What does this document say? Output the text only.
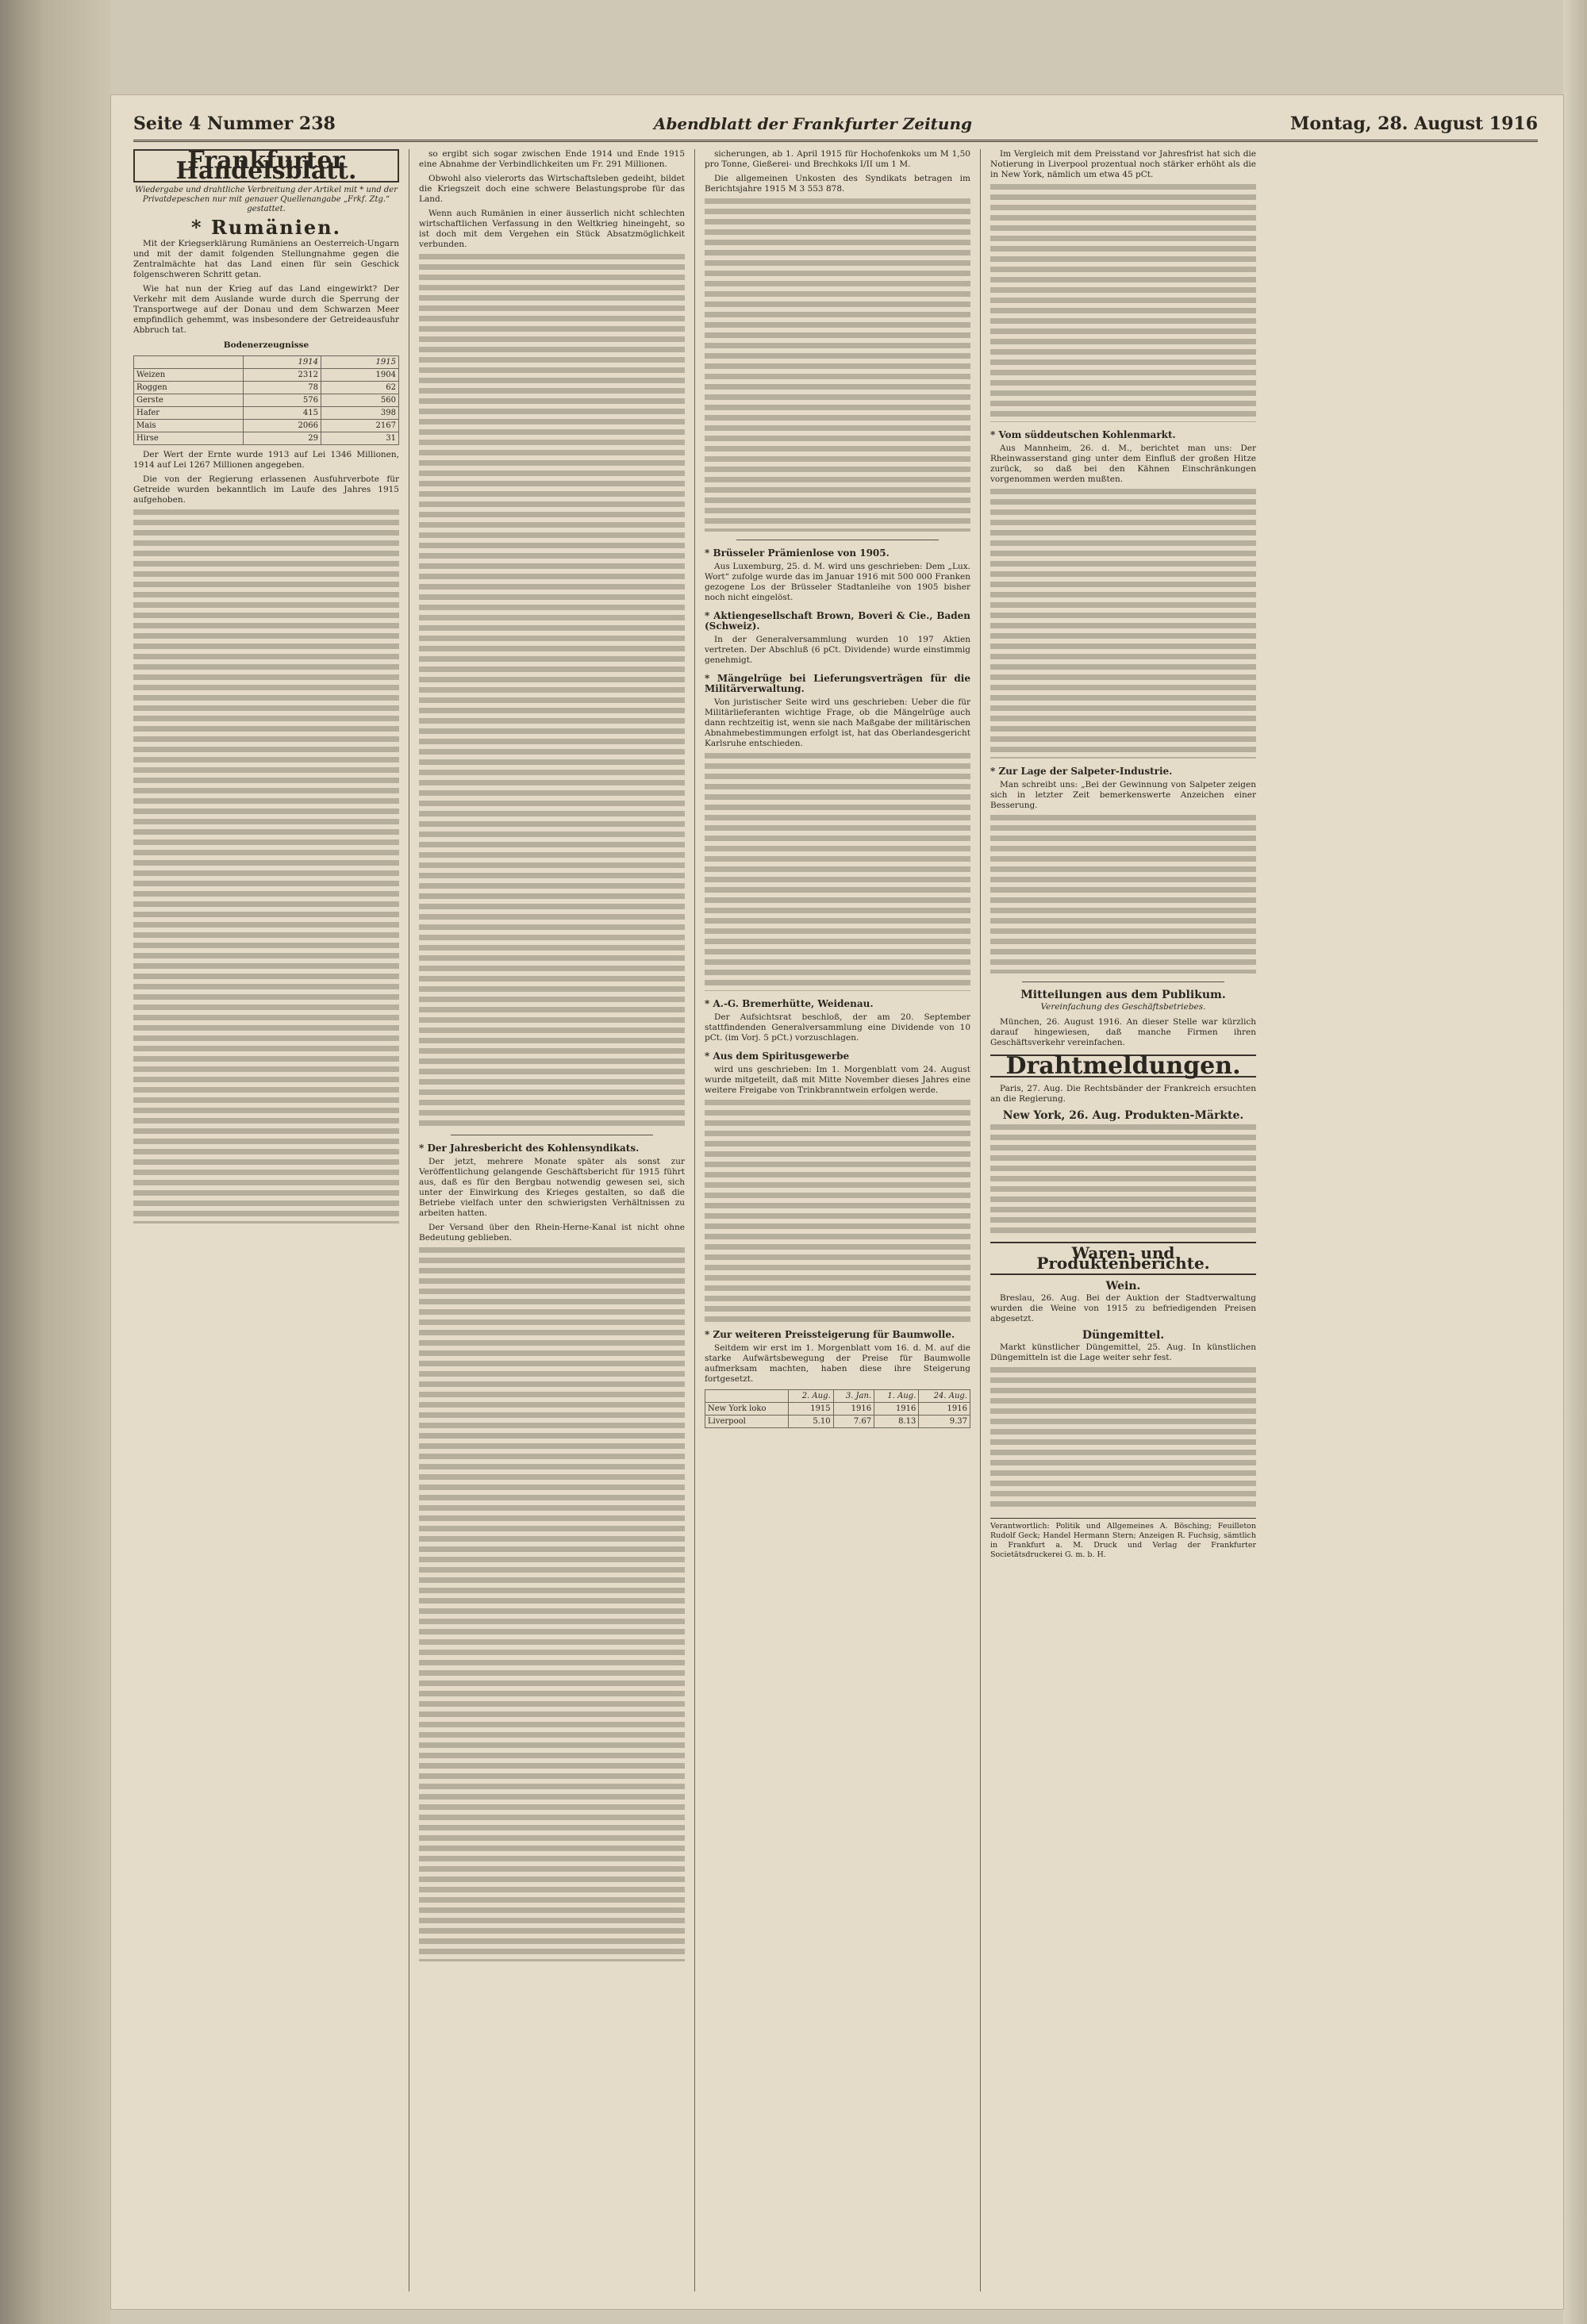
Seite 4 Nummer 238	Abendblatt der Frankfurter Zeitung	Montag, 28. August 1916
Frankfurter Handelsblatt.
Wiedergabe und drahtliche Verbreitung der Artikel mit * und der Privatdepeschen nur mit genauer Quellenangabe „Frkf. Ztg.“ gestattet.
* Rumänien.

Mit der Kriegserklärung Rumäniens an Oesterreich-Ungarn und mit der damit folgenden Stellungnahme gegen die Zentralmächte hat das Land einen für sein Geschick folgenschweren Schritt getan.

Wie hat nun der Krieg auf das Land eingewirkt? Der Verkehr mit dem Auslande wurde durch die Sperrung der Transportwege auf der Donau und dem Schwarzen Meer empfindlich gehemmt, was insbesondere der Getreideausfuhr Abbruch tat.

Bodenerzeugnisse
	1914	1915
Weizen	2312	1904
Roggen	78	62
Gerste	576	560
Hafer	415	398
Mais	2066	2167
Hirse	29	31

Der Wert der Ernte wurde 1913 auf Lei 1346 Millionen, 1914 auf Lei 1267 Millionen angegeben.

Die von der Regierung erlassenen Ausfuhrverbote für Getreide wurden bekanntlich im Laufe des Jahres 1915 aufgehoben.

so ergibt sich sogar zwischen Ende 1914 und Ende 1915 eine Abnahme der Verbindlichkeiten um Fr. 291 Millionen.

Obwohl also vielerorts das Wirtschaftsleben gedeiht, bildet die Kriegszeit doch eine schwere Belastungsprobe für das Land.

Wenn auch Rumänien in einer äusserlich nicht schlechten wirtschaftlichen Verfassung in den Weltkrieg hineingeht, so ist doch mit dem Vergehen ein Stück Absatzmöglichkeit verbunden.

* Der Jahresbericht des Kohlensyndikats.

Der jetzt, mehrere Monate später als sonst zur Veröffentlichung gelangende Geschäftsbericht für 1915 führt aus, daß es für den Bergbau notwendig gewesen sei, sich unter der Einwirkung des Krieges gestalten, so daß die Betriebe vielfach unter den schwierigsten Verhältnissen zu arbeiten hatten.

Der Versand über den Rhein-Herne-Kanal ist nicht ohne Bedeutung geblieben.

sicherungen, ab 1. April 1915 für Hochofenkoks um M 1,50 pro Tonne, Gießerei- und Brechkoks I/II um 1 M.

Die allgemeinen Unkosten des Syndikats betragen im Berichtsjahre 1915 M 3 553 878.

* Brüsseler Prämienlose von 1905.

Aus Luxemburg, 25. d. M. wird uns geschrieben: Dem „Lux. Wort“ zufolge wurde das im Januar 1916 mit 500 000 Franken gezogene Los der Brüsseler Stadtanleihe von 1905 bisher noch nicht eingelöst.

* Aktiengesellschaft Brown, Boveri & Cie., Baden (Schweiz).

In der Generalversammlung wurden 10 197 Aktien vertreten. Der Abschluß (6 pCt. Dividende) wurde einstimmig genehmigt.

* Mängelrüge bei Lieferungsverträgen für die Militärverwaltung.

Von juristischer Seite wird uns geschrieben: Ueber die für Militärlieferanten wichtige Frage, ob die Mängelrüge auch dann rechtzeitig ist, wenn sie nach Maßgabe der militärischen Abnahmebestimmungen erfolgt ist, hat das Oberlandesgericht Karlsruhe entschieden.

* A.-G. Bremerhütte, Weidenau.

Der Aufsichtsrat beschloß, der am 20. September stattfindenden Generalversammlung eine Dividende von 10 pCt. (im Vorj. 5 pCt.) vorzuschlagen.

* Aus dem Spiritusgewerbe

wird uns geschrieben: Im 1. Morgenblatt vom 24. August wurde mitgeteilt, daß mit Mitte November dieses Jahres eine weitere Freigabe von Trinkbranntwein erfolgen werde.

* Zur weiteren Preissteigerung für Baumwolle.

Seitdem wir erst im 1. Morgenblatt vom 16. d. M. auf die starke Aufwärtsbewegung der Preise für Baumwolle aufmerksam machten, haben diese ihre Steigerung fortgesetzt.

	2. Aug.	3. Jan.	1. Aug.	24. Aug.
New York loko	1915	1916	1916	1916
Liverpool	5.10	7.67	8.13	9.37

Im Vergleich mit dem Preisstand vor Jahresfrist hat sich die Notierung in Liverpool prozentual noch stärker erhöht als die in New York, nämlich um etwa 45 pCt.

* Vom süddeutschen Kohlenmarkt.

Aus Mannheim, 26. d. M., berichtet man uns: Der Rheinwasserstand ging unter dem Einfluß der großen Hitze zurück, so daß bei den Kähnen Einschränkungen vorgenommen werden mußten.

* Zur Lage der Salpeter-Industrie.

Man schreibt uns: „Bei der Gewinnung von Salpeter zeigen sich in letzter Zeit bemerkenswerte Anzeichen einer Besserung.

Mitteilungen aus dem Publikum.
Vereinfachung des Geschäftsbetriebes.

München, 26. August 1916. An dieser Stelle war kürzlich darauf hingewiesen, daß manche Firmen ihren Geschäftsverkehr vereinfachen.

Drahtmeldungen.

Paris, 27. Aug. Die Rechtsbänder der Frankreich ersuchten an die Regierung.

New York, 26. Aug. Produkten-Märkte.
Waren- und Produktenberichte.
Wein.

Breslau, 26. Aug. Bei der Auktion der Stadtverwaltung wurden die Weine von 1915 zu befriedigenden Preisen abgesetzt.

Düngemittel.

Markt künstlicher Düngemittel, 25. Aug. In künstlichen Düngemitteln ist die Lage weiter sehr fest.

Verantwortlich: Politik und Allgemeines A. Bösching; Feuilleton Rudolf Geck; Handel Hermann Stern; Anzeigen R. Fuchsig, sämtlich in Frankfurt a. M. Druck und Verlag der Frankfurter Societätsdruckerei G. m. b. H.
